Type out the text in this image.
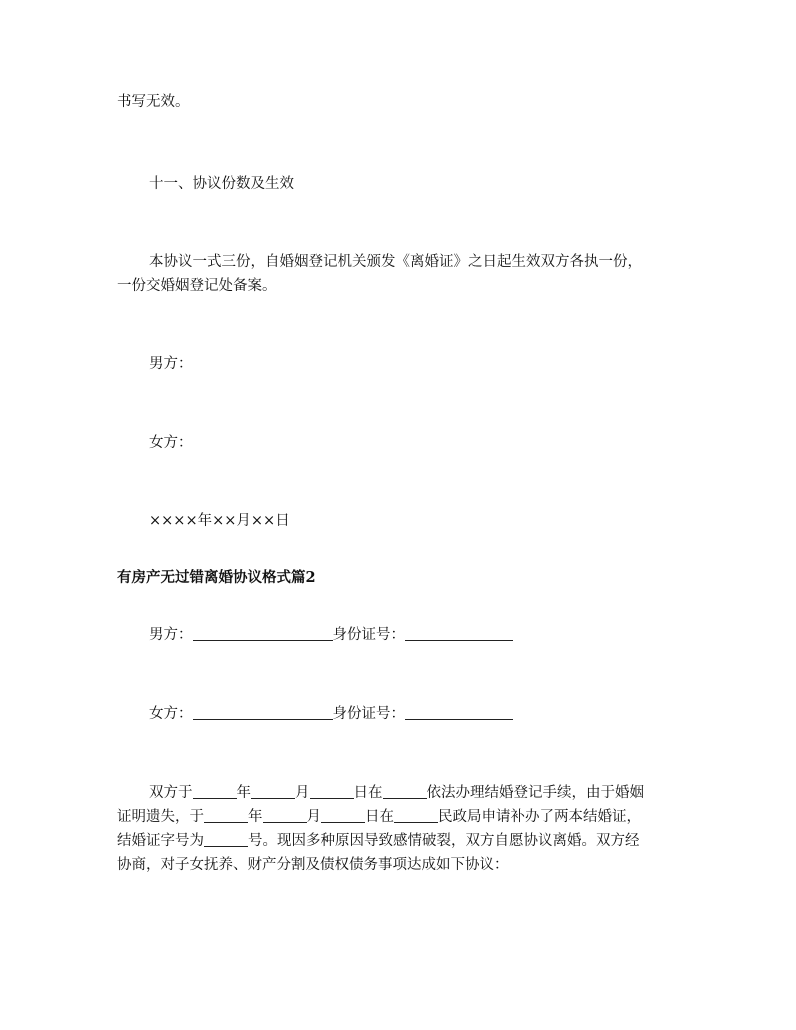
书写无效。
十一、协议份数及生效
本协议一式三份，自婚姻登记机关颁发《离婚证》之日起生效双方各执一份，
一份交婚姻登记处备案。
男方：
女方：
××××年××月××日
有房产无过错离婚协议格式篇2
男方：	身份证号：
女方：	身份证号：
双方于	年	月	日在	依法办理结婚登记手续，由于婚姻
证明遗失，于	年	月	日在	民政局申请补办了两本结婚证，
结婚证字号为	号。现因多种原因导致感情破裂，双方自愿协议离婚。双方经
协商，对子女抚养、财产分割及债权债务事项达成如下协议：
